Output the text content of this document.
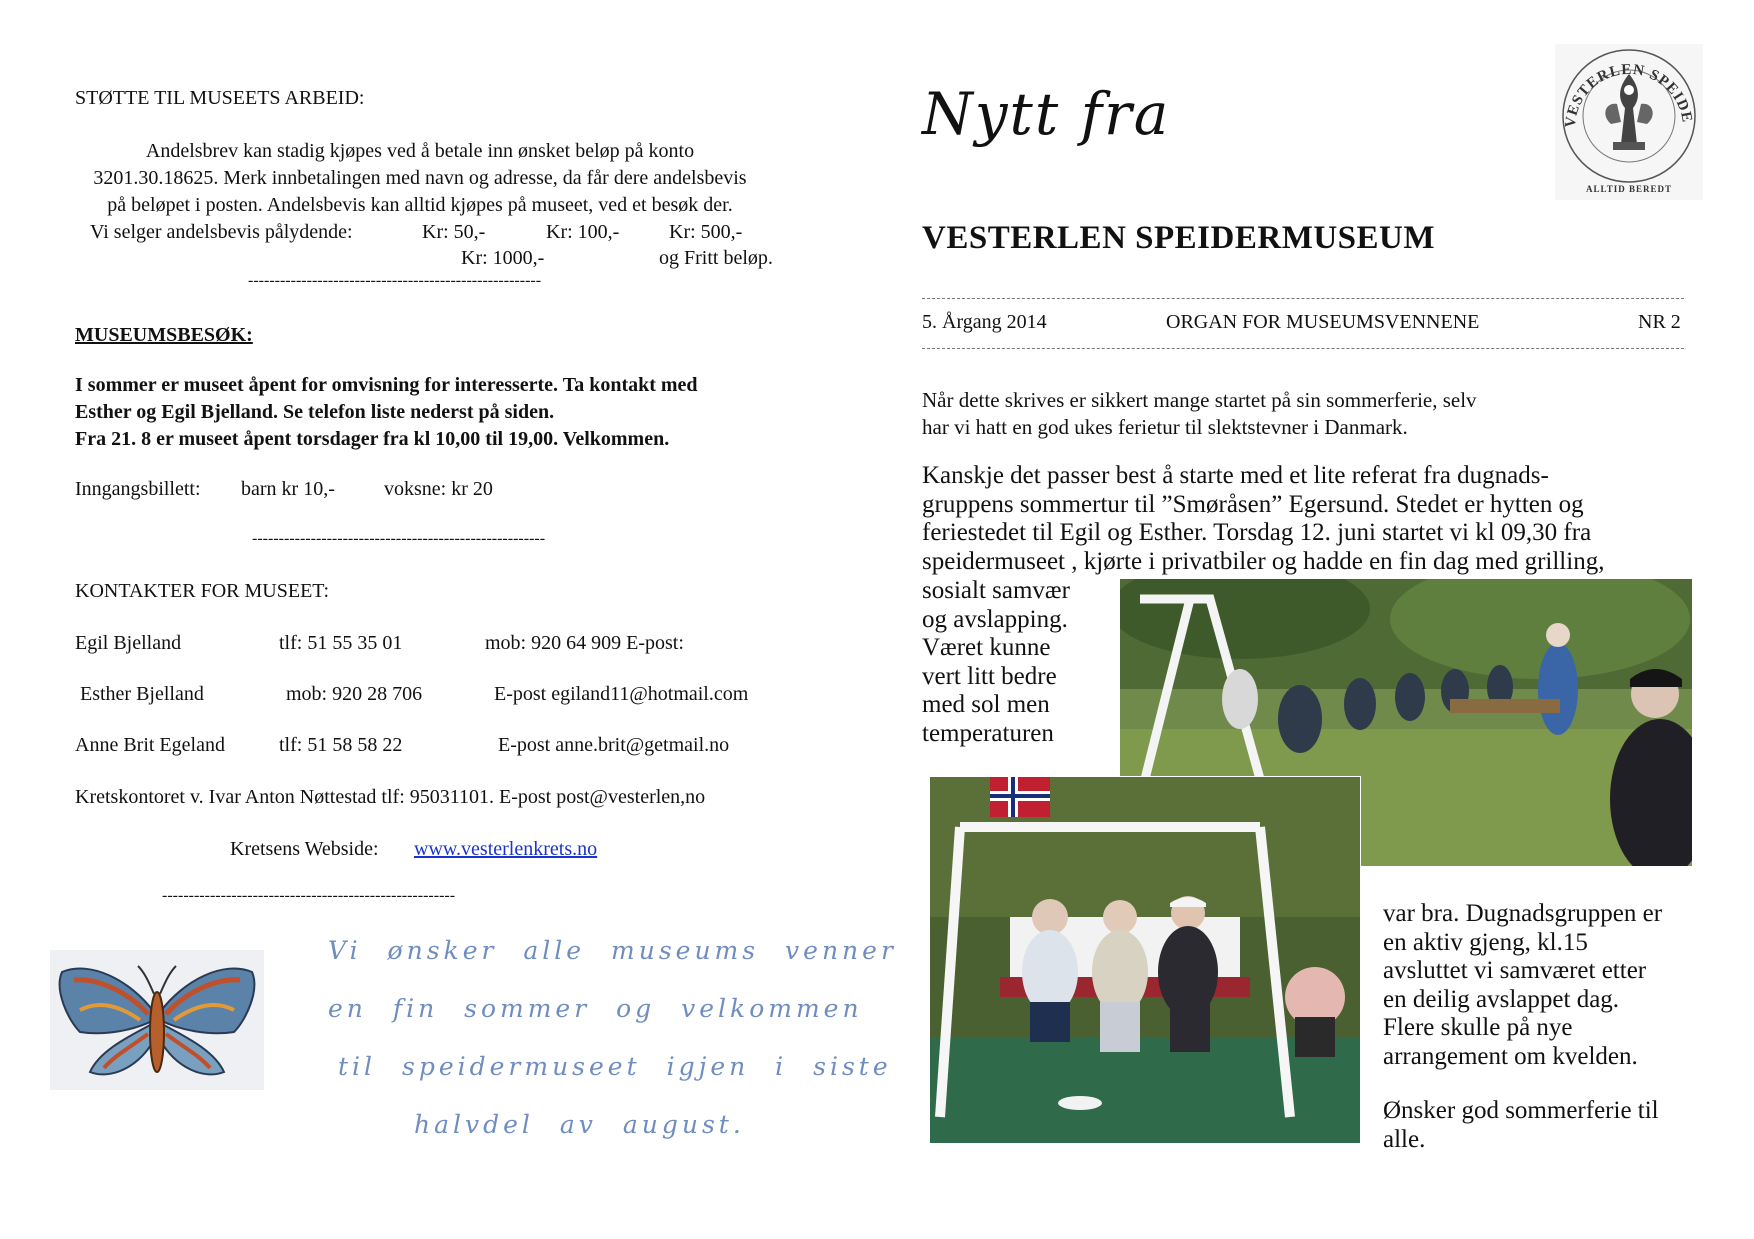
STØTTE TIL MUSEETS ARBEID:
Andelsbrev kan stadig kjøpes ved å betale inn ønsket beløp på konto
3201.30.18625. Merk innbetalingen med navn og adresse, da får dere andelsbevis
på beløpet i posten. Andelsbevis kan alltid kjøpes på museet, ved et besøk der.
Vi selger andelsbevis pålydende:	Kr: 50,-	Kr: 100,- Kr: 500,-
Kr: 1000,-	og Fritt beløp.
-------------------------------------------------------
MUSEUMSBESØK:
I sommer er museet åpent for omvisning for interesserte. Ta kontakt med
Esther og Egil Bjelland. Se telefon liste nederst på siden.
Fra 21. 8 er museet åpent torsdager fra kl 10,00 til 19,00. Velkommen.
Inngangsbillett: barn kr 10,- voksne: kr 20
-------------------------------------------------------
KONTAKTER FOR MUSEET:
Egil Bjelland	tlf: 51 55 35 01	mob: 920 64 909 E-post:
Esther Bjelland	mob: 920 28 706	E-post egiland11@hotmail.com
Anne Brit Egeland	tlf: 51 58 58 22	E-post anne.brit@getmail.no
Kretskontoret v. Ivar Anton Nøttestad tlf: 95031101. E-post post@vesterlen,no
Kretsens Webside: www.vesterlenkrets.no
-------------------------------------------------------
Vi ønsker alle museums venner
en fin sommer og velkommen
til speidermuseet igjen i siste
halvdel av august.
Nytt fra	VESTERLEN SPEIDE
ALLTID BEREDT
VESTERLEN SPEIDERMUSEUM
5. Årgang 2014	ORGAN FOR MUSEUMSVENNENE	NR 2
Når dette skrives er sikkert mange startet på sin sommerferie, selv
har vi hatt en god ukes ferietur til slektstevner i Danmark.
Kanskje det passer best å starte med et lite referat fra dugnads-
gruppens sommertur til ”Smøråsen” Egersund. Stedet er hytten og
feriestedet til Egil og Esther. Torsdag 12. juni startet vi kl 09,30 fra
speidermuseet , kjørte i privatbiler og hadde en fin dag med grilling,
sosialt samvær
og avslapping.
Været kunne
vert litt bedre
med sol men
temperaturen
var bra. Dugnadsgruppen er
en aktiv gjeng, kl.15
avsluttet vi samværet etter
en deilig avslappet dag.
Flere skulle på nye
arrangement om kvelden.
Ønsker god sommerferie til
alle.
